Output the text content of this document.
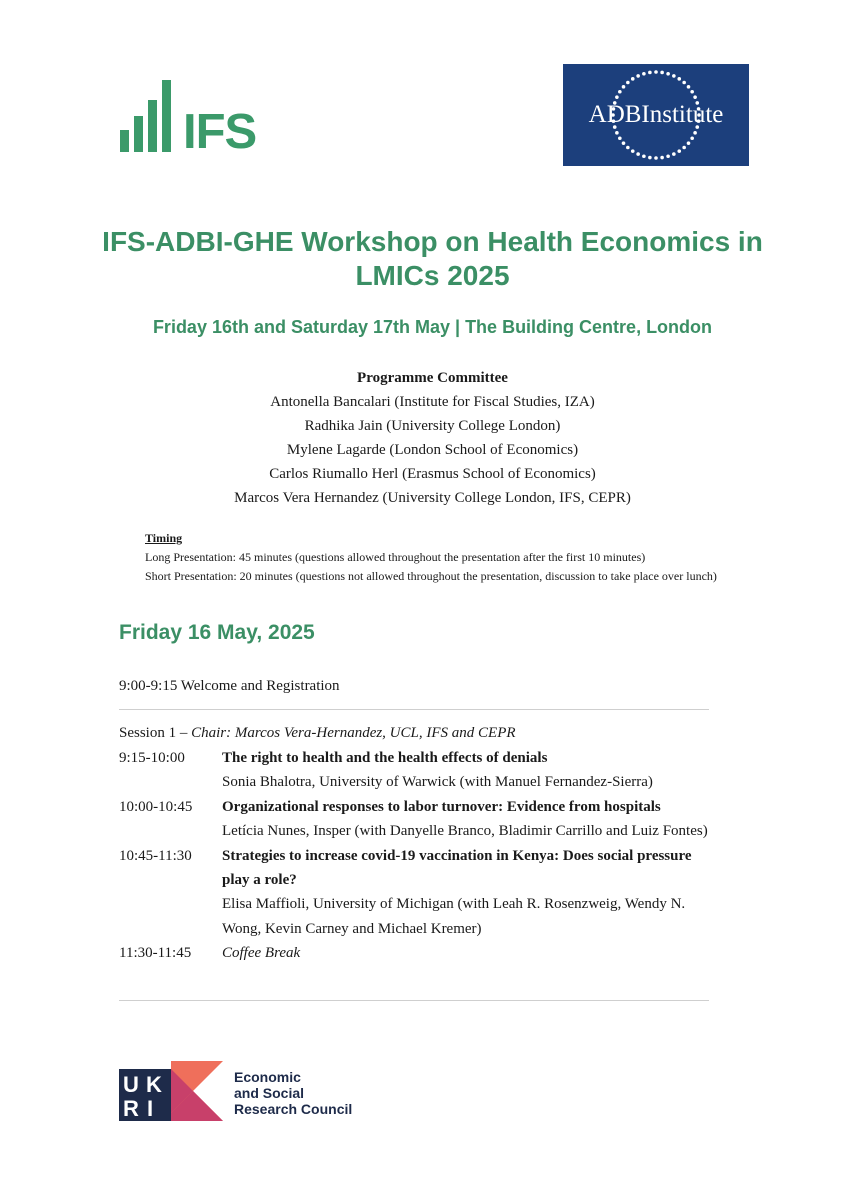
IFS	ADBInstitute
IFS-ADBI-GHE Workshop on Health Economics in LMICs 2025
Friday 16th and Saturday 17th May | The Building Centre, London
Programme Committee
Antonella Bancalari (Institute for Fiscal Studies, IZA)
Radhika Jain (University College London)
Mylene Lagarde (London School of Economics)
Carlos Riumallo Herl (Erasmus School of Economics)
Marcos Vera Hernandez (University College London, IFS, CEPR)
Timing
Long Presentation: 45 minutes (questions allowed throughout the presentation after the first 10 minutes)
Short Presentation: 20 minutes (questions not allowed throughout the presentation, discussion to take place over lunch)
Friday 16 May, 2025
9:00-9:15 Welcome and Registration
Session 1 – Chair: Marcos Vera-Hernandez, UCL, IFS and CEPR
9:15-10:00	The right to health and the health effects of denials
Sonia Bhalotra, University of Warwick (with Manuel Fernandez-Sierra)
10:00-10:45	Organizational responses to labor turnover: Evidence from hospitals
Letícia Nunes, Insper (with Danyelle Branco, Bladimir Carrillo and Luiz Fontes)
10:45-11:30	Strategies to increase covid-19 vaccination in Kenya: Does social pressure play a role?
Elisa Maffioli, University of Michigan (with Leah R. Rosenzweig, Wendy N. Wong, Kevin Carney and Michael Kremer)
11:30-11:45	Coffee Break
U K
R I
Economic
and Social
Research Council
